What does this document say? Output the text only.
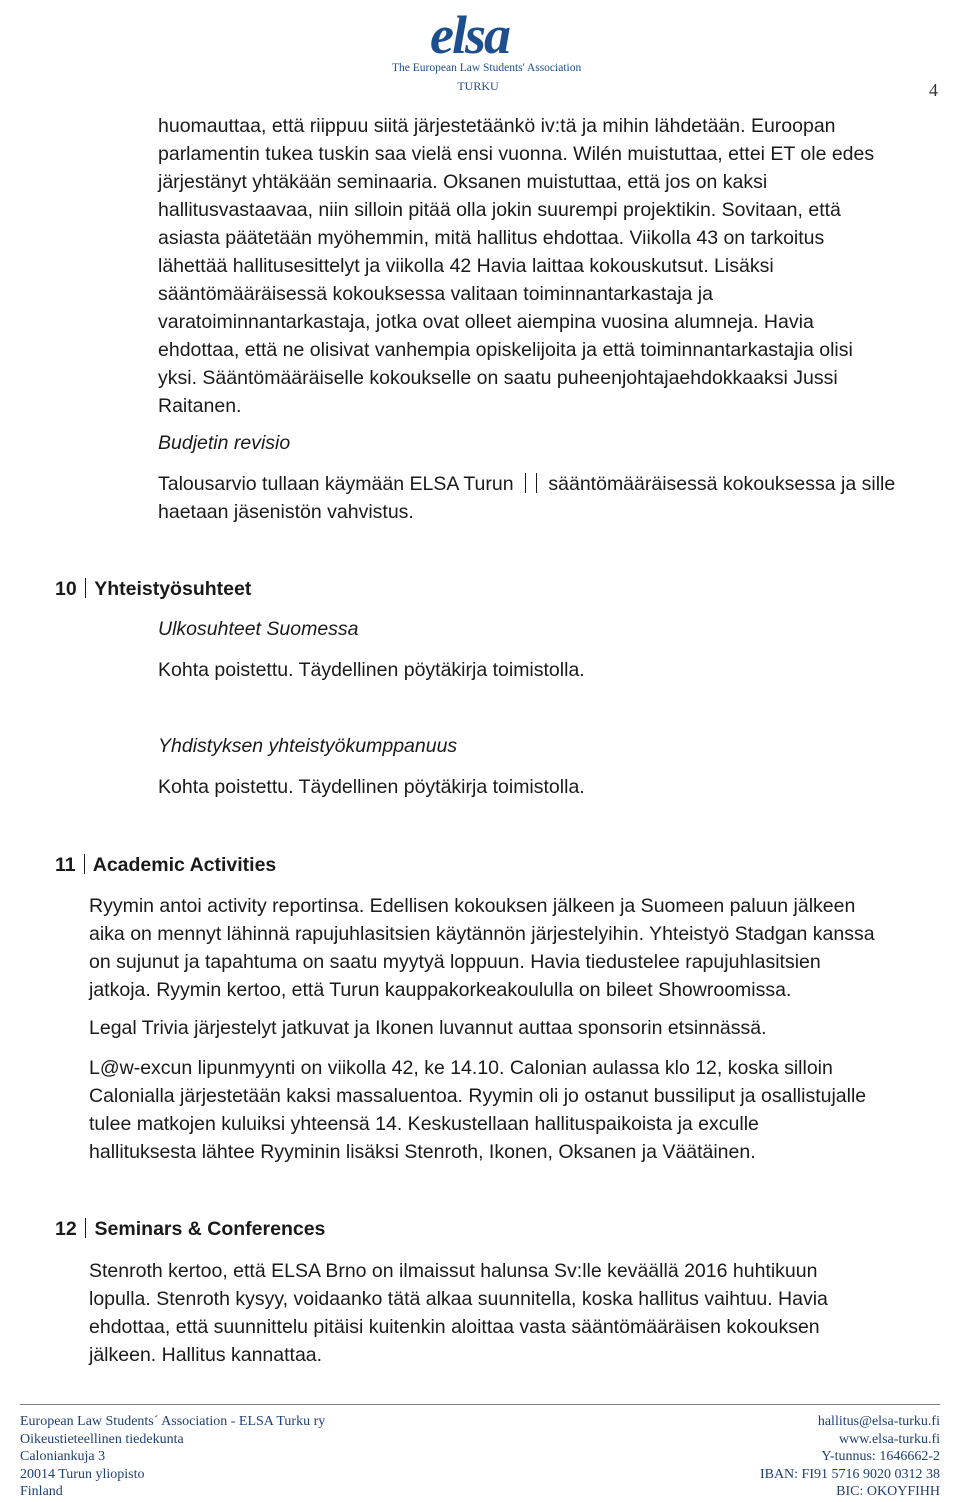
elsa
The European Law Students' Association
TURKU	4
huomauttaa, että riippuu siitä järjestetäänkö iv:tä ja mihin lähdetään. Euroopan
parlamentin tukea tuskin saa vielä ensi vuonna. Wilén muistuttaa, ettei ET ole edes
järjestänyt yhtäkään seminaaria. Oksanen muistuttaa, että jos on kaksi
hallitusvastaavaa, niin silloin pitää olla jokin suurempi projektikin. Sovitaan, että
asiasta päätetään myöhemmin, mitä hallitus ehdottaa. Viikolla 43 on tarkoitus
lähettää hallitusesittelyt ja viikolla 42 Havia laittaa kokouskutsut. Lisäksi
sääntömääräisessä kokouksessa valitaan toiminnantarkastaja ja
varatoiminnantarkastaja, jotka ovat olleet aiempina vuosina alumneja. Havia
ehdottaa, että ne olisivat vanhempia opiskelijoita ja että toiminnantarkastajia olisi
yksi. Sääntömääräiselle kokoukselle on saatu puheenjohtajaehdokkaaksi Jussi
Raitanen.
Budjetin revisio
Talousarvio tullaan käymään ELSA Turun sääntömääräisessä kokouksessa ja sille
haetaan jäsenistön vahvistus.
10 Yhteistyösuhteet
Ulkosuhteet Suomessa
Kohta poistettu. Täydellinen pöytäkirja toimistolla.
Yhdistyksen yhteistyökumppanuus
Kohta poistettu. Täydellinen pöytäkirja toimistolla.
11 Academic Activities
Ryymin antoi activity reportinsa. Edellisen kokouksen jälkeen ja Suomeen paluun jälkeen
aika on mennyt lähinnä rapujuhlasitsien käytännön järjestelyihin. Yhteistyö Stadgan kanssa
on sujunut ja tapahtuma on saatu myytyä loppuun. Havia tiedustelee rapujuhlasitsien
jatkoja. Ryymin kertoo, että Turun kauppakorkeakoululla on bileet Showroomissa.
Legal Trivia järjestelyt jatkuvat ja Ikonen luvannut auttaa sponsorin etsinnässä.
L@w-excun lipunmyynti on viikolla 42, ke 14.10. Calonian aulassa klo 12, koska silloin
Calonialla järjestetään kaksi massaluentoa. Ryymin oli jo ostanut bussiliput ja osallistujalle
tulee matkojen kuluiksi yhteensä 14. Keskustellaan hallituspaikoista ja exculle
hallituksesta lähtee Ryyminin lisäksi Stenroth, Ikonen, Oksanen ja Väätäinen.
12 Seminars & Conferences
Stenroth kertoo, että ELSA Brno on ilmaissut halunsa Sv:lle keväällä 2016 huhtikuun
lopulla. Stenroth kysyy, voidaanko tätä alkaa suunnitella, koska hallitus vaihtuu. Havia
ehdottaa, että suunnittelu pitäisi kuitenkin aloittaa vasta sääntömääräisen kokouksen
jälkeen. Hallitus kannattaa.
European Law Students´ Association - ELSA Turku ry
Oikeustieteellinen tiedekunta
Caloniankuja 3
20014 Turun yliopisto
Finland
hallitus@elsa-turku.fi
www.elsa-turku.fi
Y-tunnus: 1646662-2
IBAN: FI91 5716 9020 0312 38
BIC: OKOYFIHH
